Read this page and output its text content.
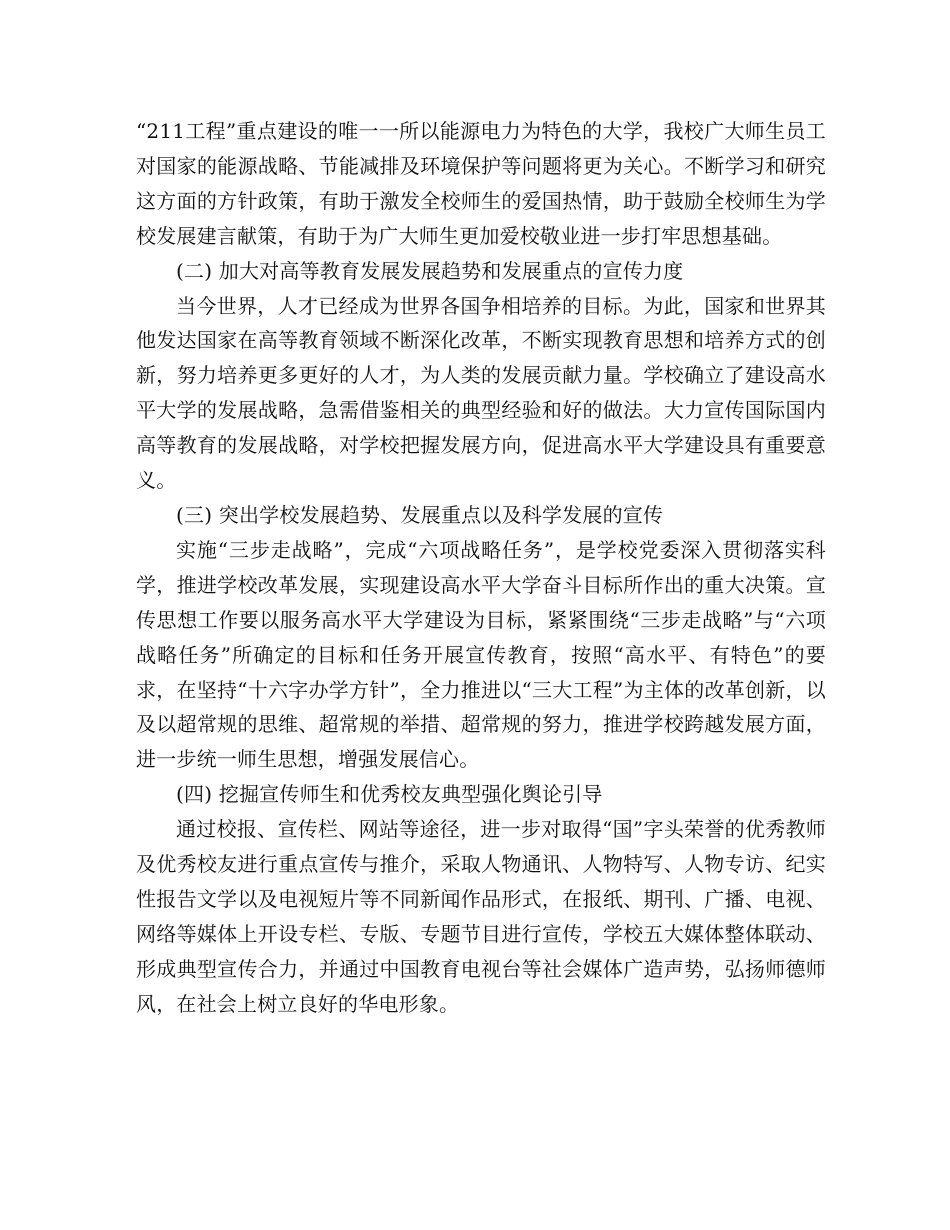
“211工程”重点建设的唯一一所以能源电力为特色的大学，我校广大师生员工对国家的能源战略、节能减排及环境保护等问题将更为关心。不断学习和研究这方面的方针政策，有助于激发全校师生的爱国热情，助于鼓励全校师生为学校发展建言献策，有助于为广大师生更加爱校敬业进一步打牢思想基础。

(二) 加大对高等教育发展发展趋势和发展重点的宣传力度

当今世界，人才已经成为世界各国争相培养的目标。为此，国家和世界其他发达国家在高等教育领域不断深化改革，不断实现教育思想和培养方式的创新，努力培养更多更好的人才，为人类的发展贡献力量。学校确立了建设高水平大学的发展战略，急需借鉴相关的典型经验和好的做法。大力宣传国际国内高等教育的发展战略，对学校把握发展方向，促进高水平大学建设具有重要意义。

(三) 突出学校发展趋势、发展重点以及科学发展的宣传

实施“三步走战略”，完成“六项战略任务”，是学校党委深入贯彻落实科学，推进学校改革发展，实现建设高水平大学奋斗目标所作出的重大决策。宣传思想工作要以服务高水平大学建设为目标，紧紧围绕“三步走战略”与“六项战略任务”所确定的目标和任务开展宣传教育，按照“高水平、有特色”的要求，在坚持“十六字办学方针”，全力推进以“三大工程”为主体的改革创新，以及以超常规的思维、超常规的举措、超常规的努力，推进学校跨越发展方面，进一步统一师生思想，增强发展信心。

(四) 挖掘宣传师生和优秀校友典型强化舆论引导

通过校报、宣传栏、网站等途径，进一步对取得“国”字头荣誉的优秀教师及优秀校友进行重点宣传与推介，采取人物通讯、人物特写、人物专访、纪实性报告文学以及电视短片等不同新闻作品形式，在报纸、期刊、广播、电视、网络等媒体上开设专栏、专版、专题节目进行宣传，学校五大媒体整体联动、形成典型宣传合力，并通过中国教育电视台等社会媒体广造声势，弘扬师德师风，在社会上树立良好的华电形象。
